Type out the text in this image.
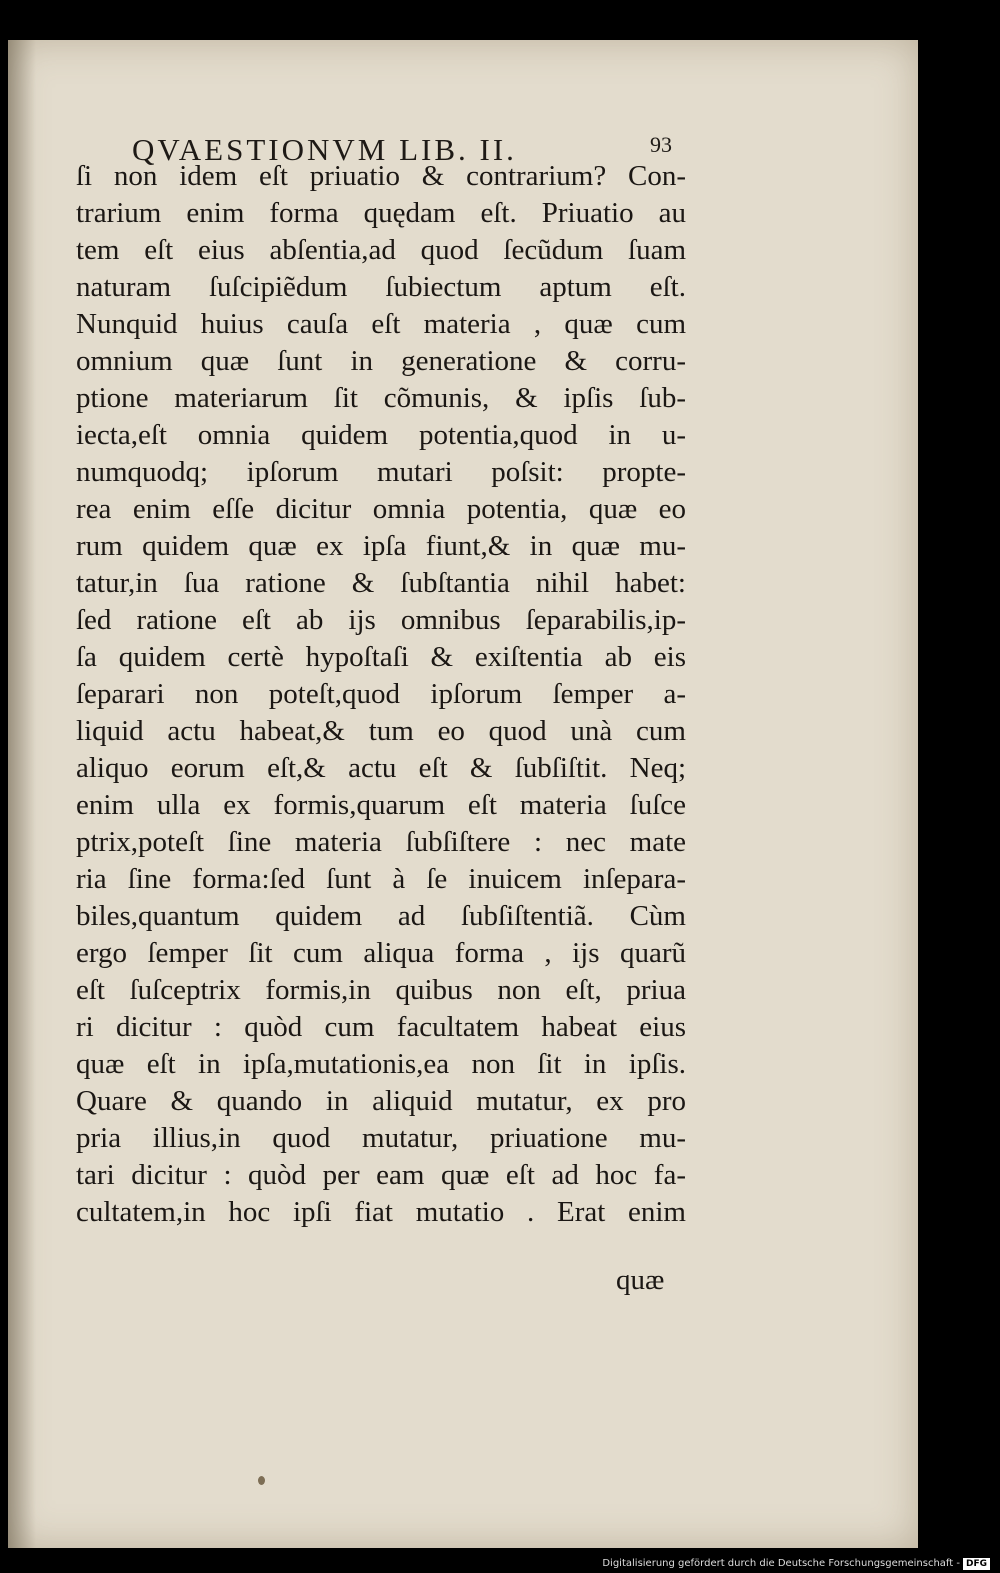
QVAESTIONVM LIB. II.	93
ſi non idem eſt priuatio & contrarium? Con-
trarium enim forma quędam eſt. Priuatio au
tem eſt eius abſentia,ad quod ſecũdum ſuam
naturam ſuſcipiẽdum ſubiectum aptum eſt.
Nunquid huius cauſa eſt materia , quæ cum
omnium quæ ſunt in generatione & corru-
ptione materiarum ſit cõmunis, & ipſis ſub-
iecta,eſt omnia quidem potentia,quod in u-
numquodq; ipſorum mutari poſsit: propte-
rea enim eſſe dicitur omnia potentia, quæ eo
rum quidem quæ ex ipſa fiunt,& in quæ mu-
tatur,in ſua ratione & ſubſtantia nihil habet:
ſed ratione eſt ab ijs omnibus ſeparabilis,ip-
ſa quidem certè hypoſtaſi & exiſtentia ab eis
ſeparari non poteſt,quod ipſorum ſemper a-
liquid actu habeat,& tum eo quod unà cum
aliquo eorum eſt,& actu eſt & ſubſiſtit. Neq;
enim ulla ex formis,quarum eſt materia ſuſce
ptrix,poteſt ſine materia ſubſiſtere : nec mate
ria ſine forma:ſed ſunt à ſe inuicem inſepara-
biles,quantum quidem ad ſubſiſtentiã. Cùm
ergo ſemper ſit cum aliqua forma , ijs quarũ
eſt ſuſceptrix formis,in quibus non eſt, priua
ri dicitur : quòd cum facultatem habeat eius
quæ eſt in ipſa,mutationis,ea non ſit in ipſis.
Quare & quando in aliquid mutatur, ex pro
pria illius,in quod mutatur, priuatione mu-
tari dicitur : quòd per eam quæ eſt ad hoc fa-
cultatem,in hoc ipſi fiat mutatio . Erat enim
quæ
Digitalisierung gefördert durch die Deutsche Forschungsgemeinschaft - DFG
